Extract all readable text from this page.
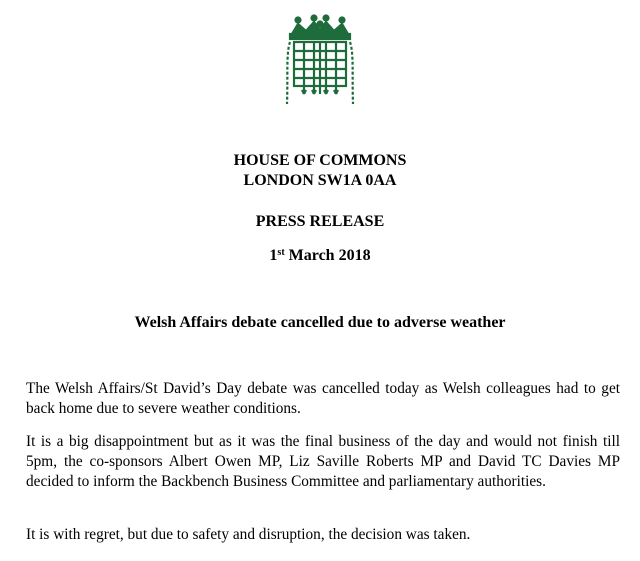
HOUSE OF COMMONS
LONDON SW1A 0AA
PRESS RELEASE
1st March 2018
Welsh Affairs debate cancelled due to adverse weather

The Welsh Affairs/St David’s Day debate was cancelled today as Welsh colleagues had to get back home due to severe weather conditions.

It is a big disappointment but as it was the final business of the day and would not finish till 5pm, the co-sponsors Albert Owen MP, Liz Saville Roberts MP and David TC Davies MP decided to inform the Backbench Business Committee and parliamentary authorities.

It is with regret, but due to safety and disruption, the decision was taken.
